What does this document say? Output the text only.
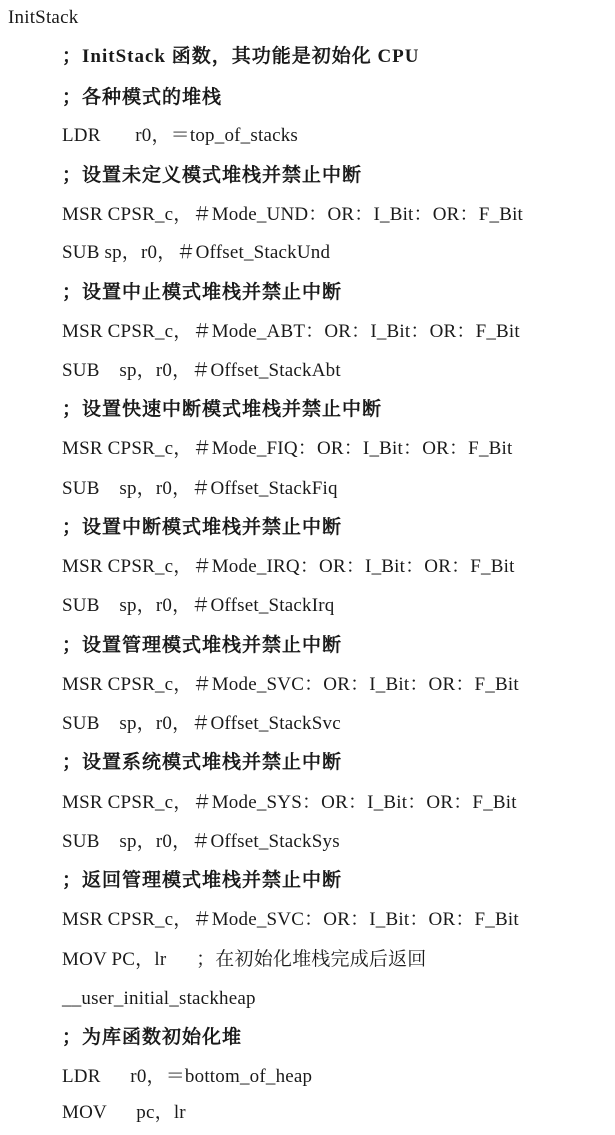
InitStack
；InitStack 函数，其功能是初始化 CPU
；各种模式的堆栈
LDR       r0，＝top_of_stacks
；设置未定义模式堆栈并禁止中断
MSR CPSR_c，＃Mode_UND：OR：I_Bit：OR：F_Bit
SUB sp，r0，＃Offset_StackUnd
；设置中止模式堆栈并禁止中断
MSR CPSR_c，＃Mode_ABT：OR：I_Bit：OR：F_Bit
SUB    sp，r0，＃Offset_StackAbt
；设置快速中断模式堆栈并禁止中断
MSR CPSR_c，＃Mode_FIQ：OR：I_Bit：OR：F_Bit
SUB    sp，r0，＃Offset_StackFiq
；设置中断模式堆栈并禁止中断
MSR CPSR_c，＃Mode_IRQ：OR：I_Bit：OR：F_Bit
SUB    sp，r0，＃Offset_StackIrq
；设置管理模式堆栈并禁止中断
MSR CPSR_c，＃Mode_SVC：OR：I_Bit：OR：F_Bit
SUB    sp，r0，＃Offset_StackSvc
；设置系统模式堆栈并禁止中断
MSR CPSR_c，＃Mode_SYS：OR：I_Bit：OR：F_Bit
SUB    sp，r0，＃Offset_StackSys
；返回管理模式堆栈并禁止中断
MSR CPSR_c，＃Mode_SVC：OR：I_Bit：OR：F_Bit
MOV PC，lr      ；在初始化堆栈完成后返回
__user_initial_stackheap
；为库函数初始化堆
LDR      r0，＝bottom_of_heap
MOV      pc，lr
